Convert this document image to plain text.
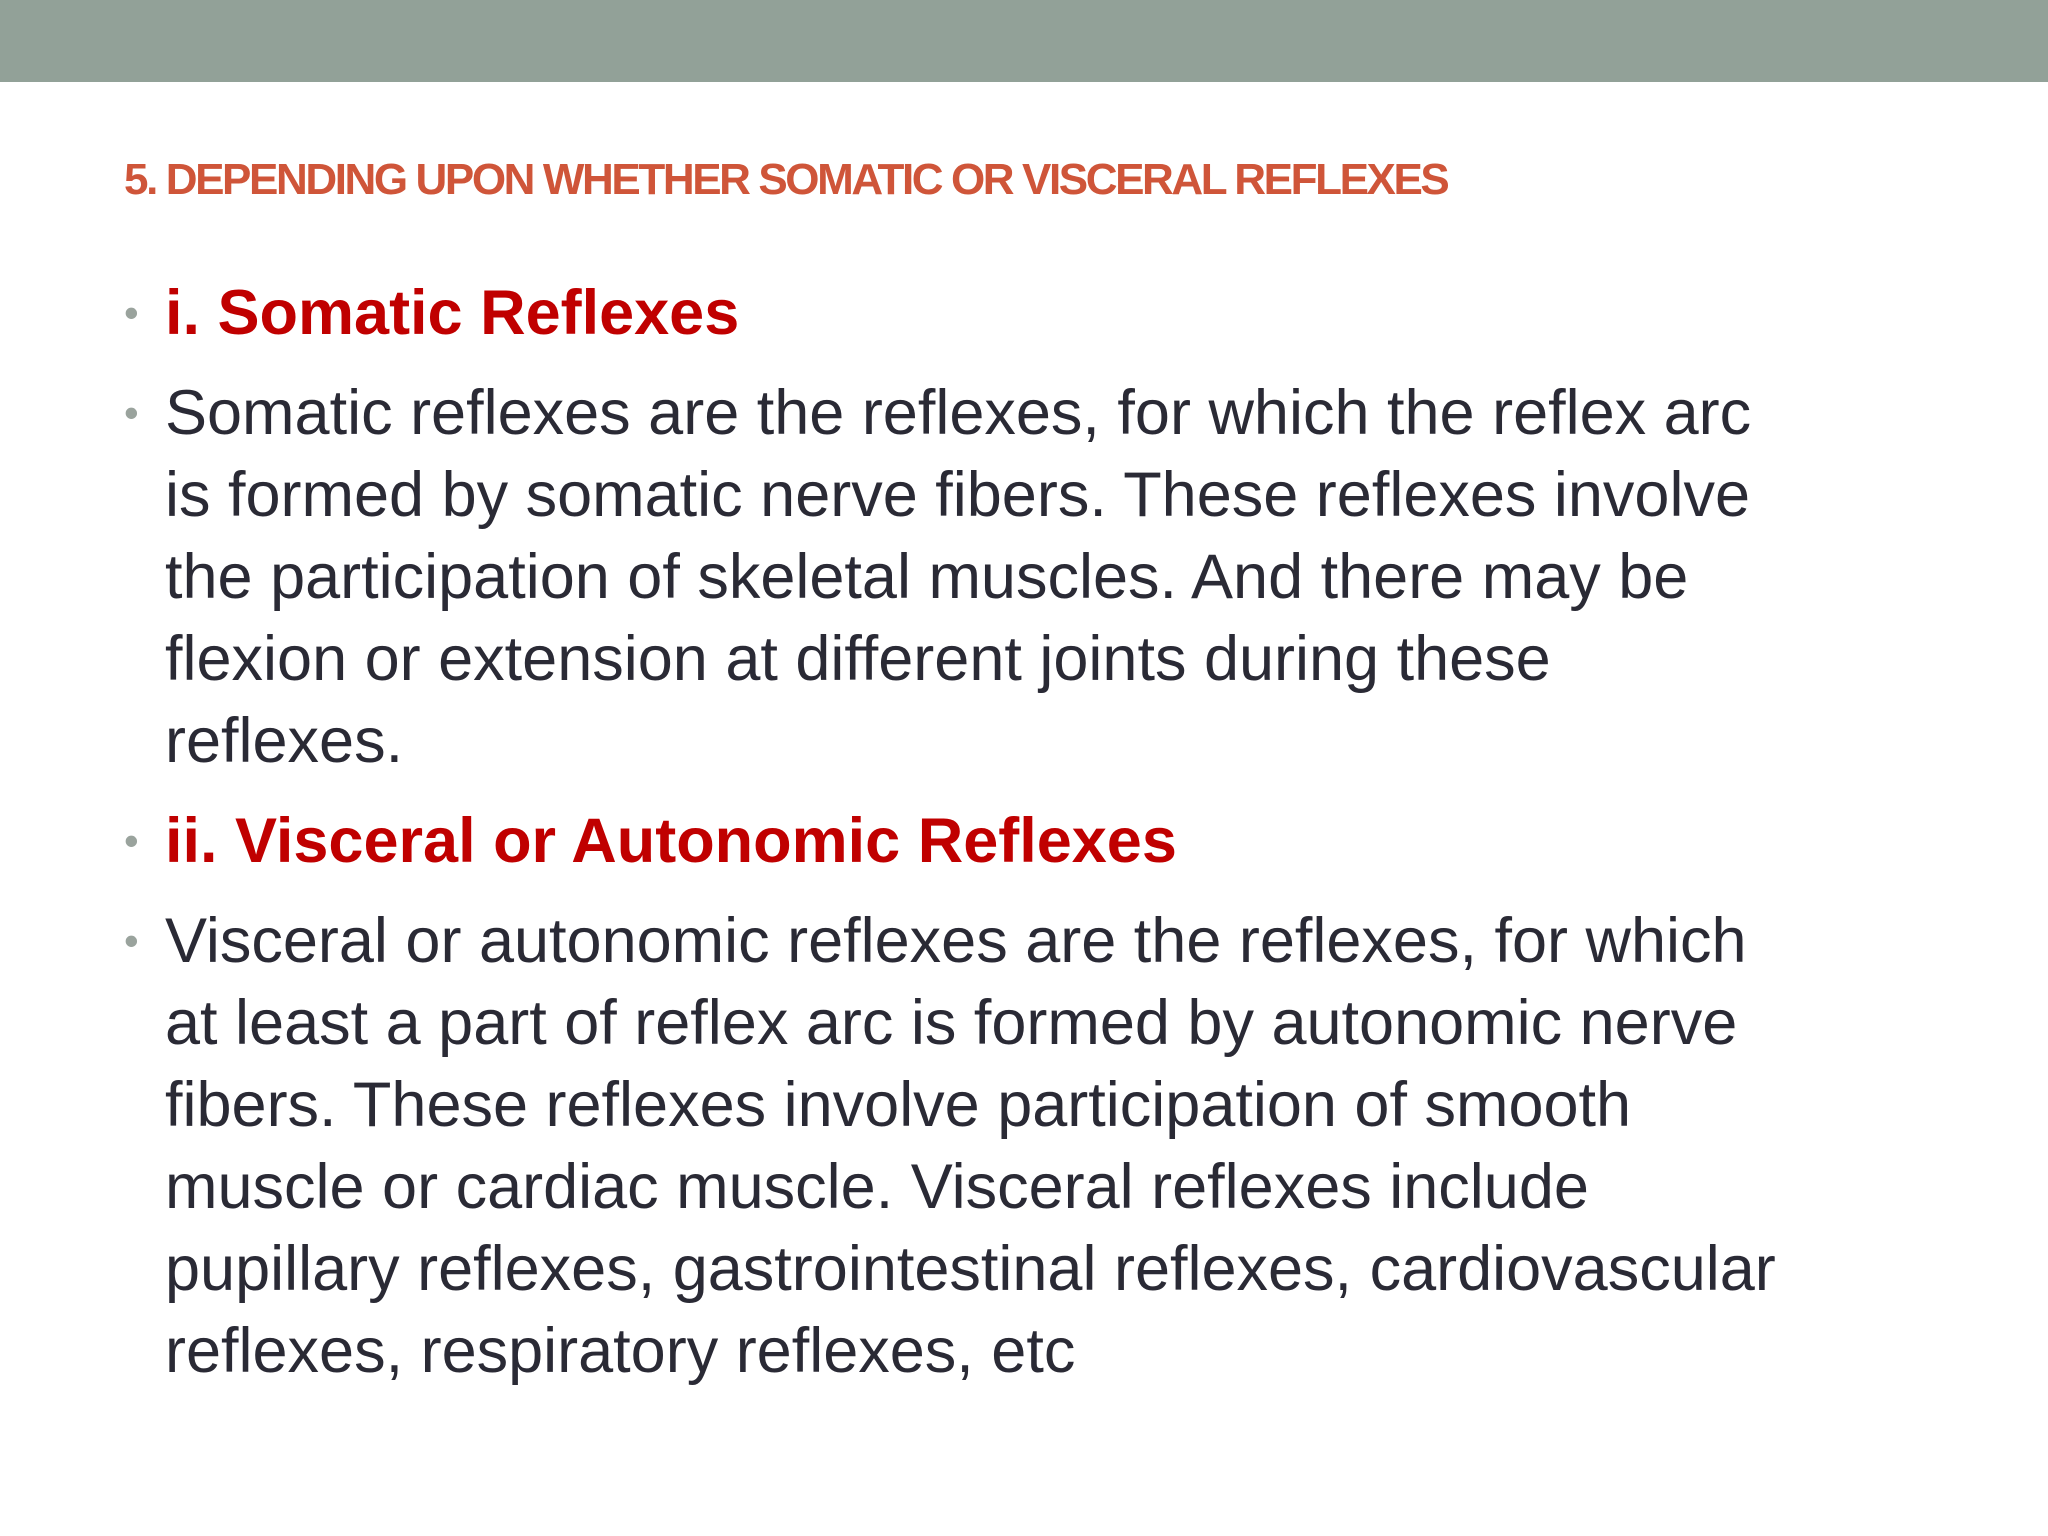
5. DEPENDING UPON WHETHER SOMATIC OR VISCERAL REFLEXES
• i. Somatic Reflexes
• Somatic reflexes are the reflexes, for which the reflex arc
is formed by somatic nerve fibers. These reflexes involve
the participation of skeletal muscles. And there may be
flexion or extension at different joints during these
reflexes.
• ii. Visceral or Autonomic Reflexes
• Visceral or autonomic reflexes are the reflexes, for which
at least a part of reflex arc is formed by autonomic nerve
fibers. These reflexes involve participation of smooth
muscle or cardiac muscle. Visceral reflexes include
pupillary reflexes, gastrointestinal reflexes, cardiovascular
reflexes, respiratory reflexes, etc
